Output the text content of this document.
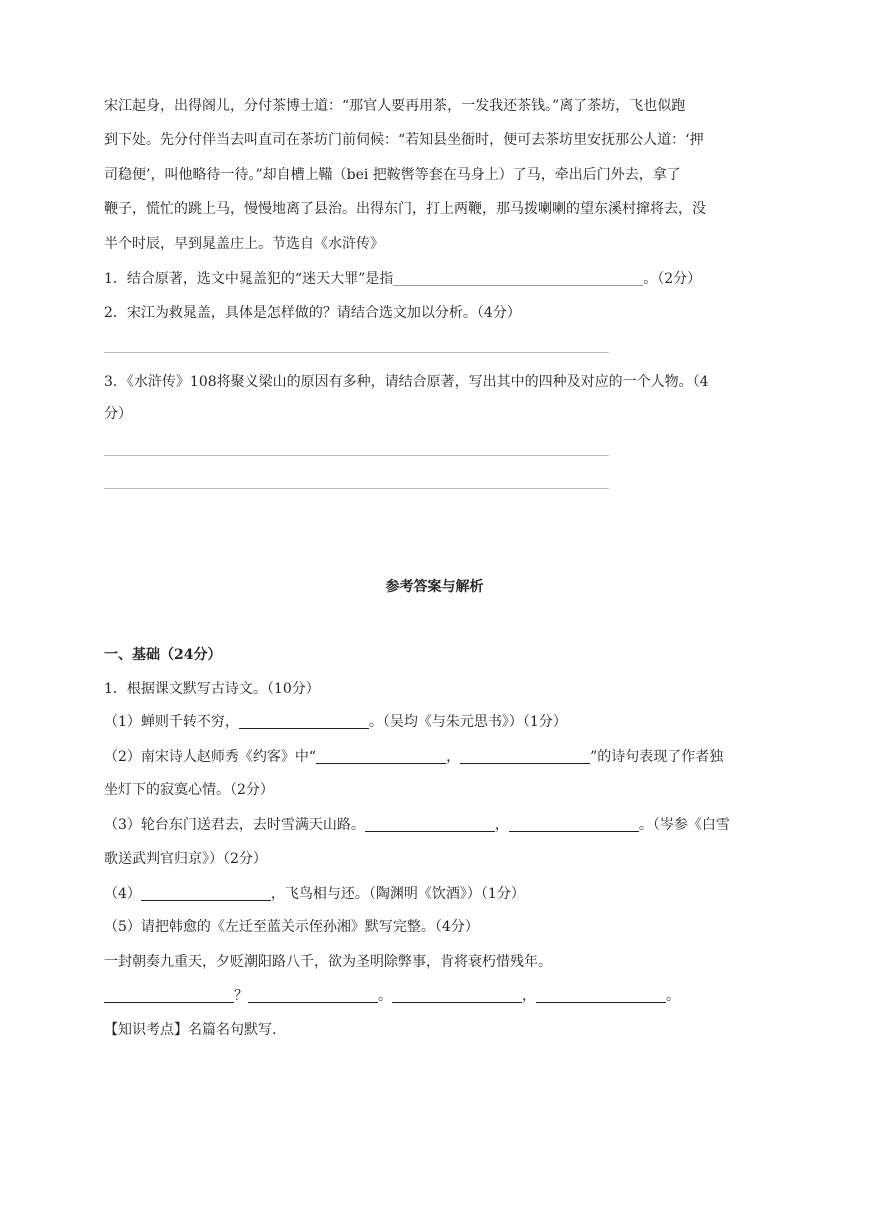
宋江起身，出得阁儿，分付茶博士道：“那官人要再用茶，一发我还茶钱。”离了茶坊，飞也似跑
到下处。先分付伴当去叫直司在茶坊门前伺候：“若知县坐衙时，便可去茶坊里安抚那公人道：‘押
司稳便’，叫他略待一待。”却自槽上鞴（bei 把鞍辔等套在马身上）了马，牵出后门外去，拿了
鞭子，慌忙的跳上马，慢慢地离了县治。出得东门，打上两鞭，那马拨喇喇的望东溪村撺将去，没
半个时辰，早到晁盖庄上。节选自《水浒传》
1．结合原著，选文中晁盖犯的“迷天大罪”是指	。（2分）
2．宋江为救晁盖，具体是怎样做的？请结合选文加以分析。（4分）
3．《水浒传》108将聚义梁山的原因有多种，请结合原著，写出其中的四种及对应的一个人物。（4
分）
参考答案与解析
一、基础（24分）
1．根据课文默写古诗文。（10分）
（1）蝉则千转不穷，	。（吴均《与朱元思书》）（1分）
（2）南宋诗人赵师秀《约客》中“	，	”的诗句表现了作者独
坐灯下的寂寞心情。（2分）
（3）轮台东门送君去，去时雪满天山路。	，	。（岑参《白雪
歌送武判官归京》）（2分）
（4）	，飞鸟相与还。（陶渊明《饮酒》）（1分）
（5）请把韩愈的《左迁至蓝关示侄孙湘》默写完整。（4分）
一封朝奏九重天，夕贬潮阳路八千，欲为圣明除弊事，肯将衰朽惜残年。
？	。	，	。
【知识考点】名篇名句默写.
